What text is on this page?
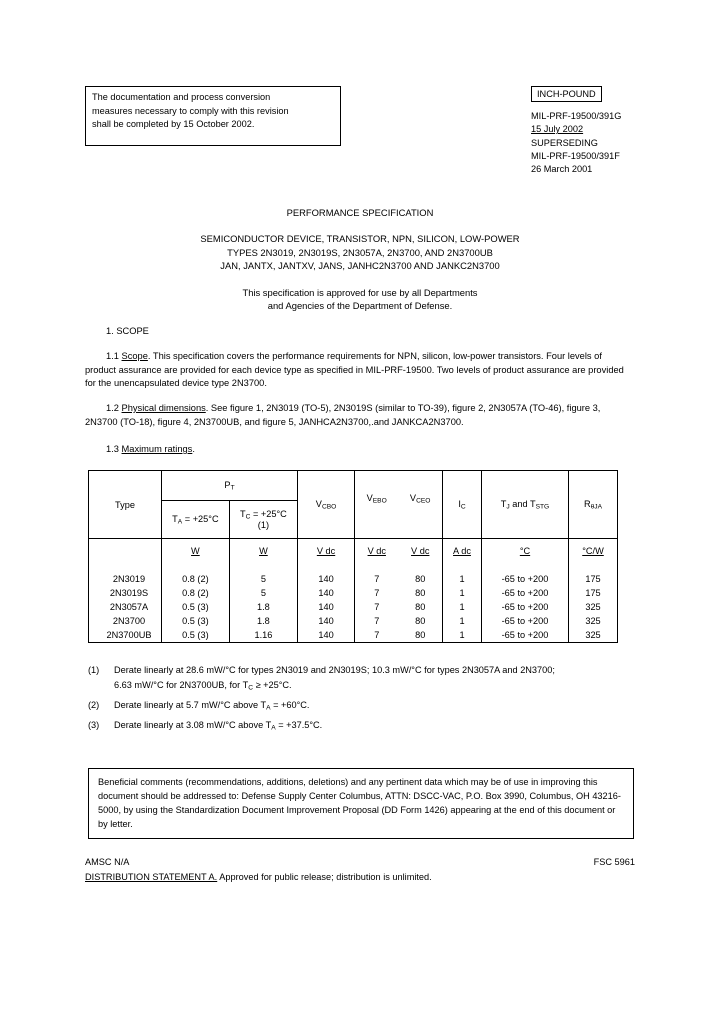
The documentation and process conversion
measures necessary to comply with this revision
shall be completed by 15 October 2002.
INCH-POUND
MIL-PRF-19500/391G
15 July 2002
SUPERSEDING
MIL-PRF-19500/391F
26 March 2001
PERFORMANCE SPECIFICATION
SEMICONDUCTOR DEVICE, TRANSISTOR, NPN, SILICON, LOW-POWER
TYPES 2N3019, 2N3019S, 2N3057A, 2N3700, AND 2N3700UB
JAN, JANTX, JANTXV, JANS, JANHC2N3700 AND JANKC2N3700
This specification is approved for use by all Departments
and Agencies of the Department of Defense.
1. SCOPE
1.1 Scope. This specification covers the performance requirements for NPN, silicon, low-power transistors. Four levels of product assurance are provided for each device type as specified in MIL-PRF-19500. Two levels of product assurance are provided for the unencapsulated device type 2N3700.
1.2 Physical dimensions. See figure 1, 2N3019 (TO-5), 2N3019S (similar to TO-39), figure 2, 2N3057A (TO-46), figure 3, 2N3700 (TO-18), figure 4, 2N3700UB, and figure 5, JANHCA2N3700,.and JANKCA2N3700.
1.3 Maximum ratings.
Type	$P_T$		$V_{CBO}$	$V_{EBO}$ $V_{CEO}$		$I_C$	$T_J$ and $T_{STG}$	$R_{\theta JA}$
	$T_A = +25^\circ C$	$T_C = +25^\circ C$
(1)						

	W	W	V dc	V dc	V dc	A dc	°C	°C/W
2N3019	0.8 (2)	5	140	7	80	1	-65 to +200	175
2N3019S	0.8 (2)	5	140	7	80	1	-65 to +200	175
2N3057A	0.5 (3)	1.8	140	7	80	1	-65 to +200	325
2N3700	0.5 (3)	1.8	140	7	80	1	-65 to +200	325
2N3700UB	0.5 (3)	1.16	140	7	80	1	-65 to +200	325
(1)	Derate linearly at 28.6 mW/°C for types 2N3019 and 2N3019S; 10.3 mW/°C for types 2N3057A and 2N3700;
6.63 mW/°C for 2N3700UB, for $T_C \ge +25^\circ C$.
(2)	Derate linearly at 5.7 mW/°C above $T_A = +60^\circ C$.
(3)	Derate linearly at 3.08 mW/°C above $T_A = +37.5^\circ C$.
Beneficial comments (recommendations, additions, deletions) and any pertinent data which may be of use in improving this document should be addressed to: Defense Supply Center Columbus, ATTN: DSCC-VAC, P.O. Box 3990, Columbus, OH 43216-5000, by using the Standardization Document Improvement Proposal (DD Form 1426) appearing at the end of this document or by letter.
AMSC N/A	FSC 5961
DISTRIBUTION STATEMENT A. Approved for public release; distribution is unlimited.
